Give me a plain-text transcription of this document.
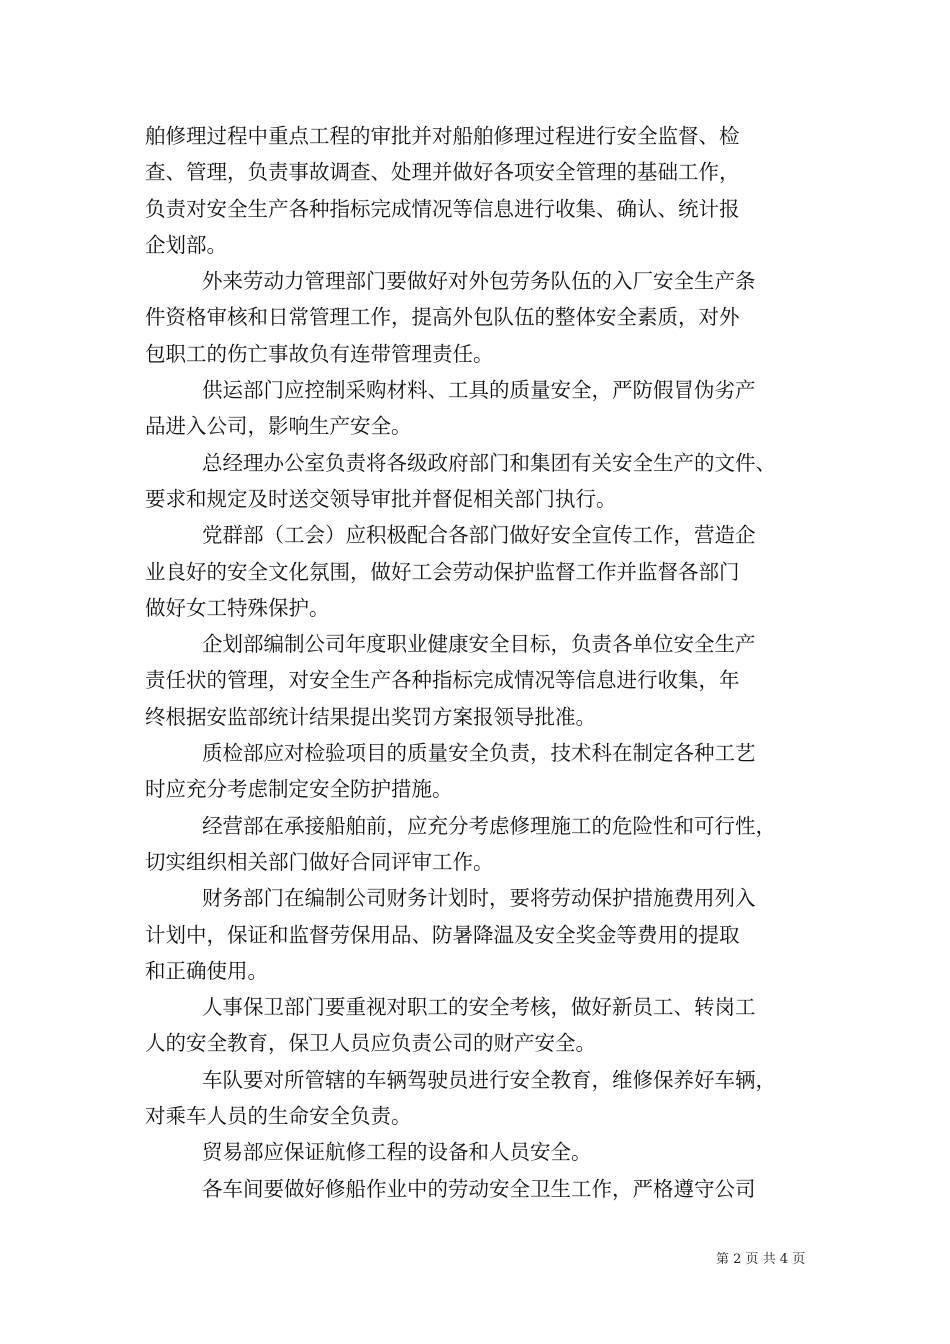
舶修理过程中重点工程的审批并对船舶修理过程进行安全监督、检
查、管理，负责事故调查、处理并做好各项安全管理的基础工作，
负责对安全生产各种指标完成情况等信息进行收集、确认、统计报
企划部。

外来劳动力管理部门要做好对外包劳务队伍的入厂安全生产条
件资格审核和日常管理工作，提高外包队伍的整体安全素质，对外
包职工的伤亡事故负有连带管理责任。

供运部门应控制采购材料、工具的质量安全，严防假冒伪劣产
品进入公司，影响生产安全。

总经理办公室负责将各级政府部门和集团有关安全生产的文件、
要求和规定及时送交领导审批并督促相关部门执行。

党群部（工会）应积极配合各部门做好安全宣传工作，营造企
业良好的安全文化氛围，做好工会劳动保护监督工作并监督各部门
做好女工特殊保护。

企划部编制公司年度职业健康安全目标，负责各单位安全生产
责任状的管理，对安全生产各种指标完成情况等信息进行收集，年
终根据安监部统计结果提出奖罚方案报领导批准。

质检部应对检验项目的质量安全负责，技术科在制定各种工艺
时应充分考虑制定安全防护措施。

经营部在承接船舶前，应充分考虑修理施工的危险性和可行性，
切实组织相关部门做好合同评审工作。

财务部门在编制公司财务计划时，要将劳动保护措施费用列入
计划中，保证和监督劳保用品、防暑降温及安全奖金等费用的提取
和正确使用。

人事保卫部门要重视对职工的安全考核，做好新员工、转岗工
人的安全教育，保卫人员应负责公司的财产安全。

车队要对所管辖的车辆驾驶员进行安全教育，维修保养好车辆，
对乘车人员的生命安全负责。

贸易部应保证航修工程的设备和人员安全。

各车间要做好修船作业中的劳动安全卫生工作，严格遵守公司

第 2 页 共 4 页
